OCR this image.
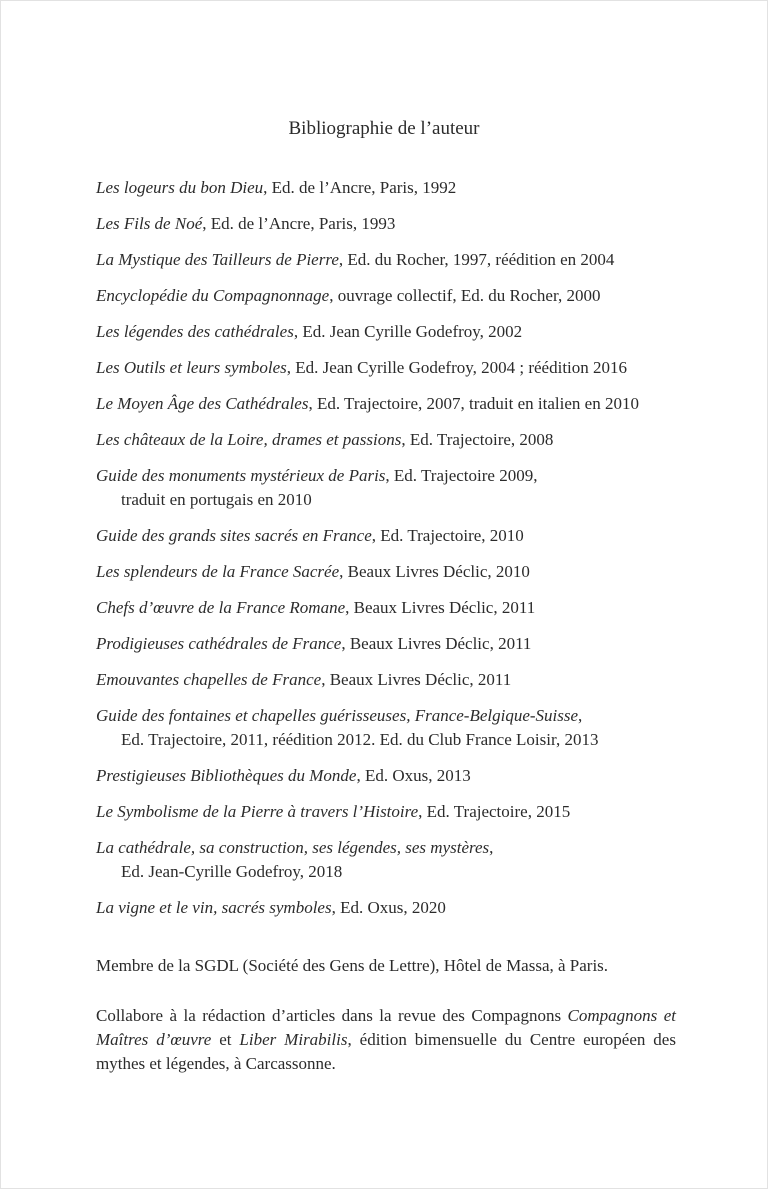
Bibliographie de l’auteur
Les logeurs du bon Dieu, Ed. de l’Ancre, Paris, 1992
Les Fils de Noé, Ed. de l’Ancre, Paris, 1993
La Mystique des Tailleurs de Pierre, Ed. du Rocher, 1997, réédition en 2004
Encyclopédie du Compagnonnage, ouvrage collectif, Ed. du Rocher, 2000
Les légendes des cathédrales, Ed. Jean Cyrille Godefroy, 2002
Les Outils et leurs symboles, Ed. Jean Cyrille Godefroy, 2004 ; réédition 2016
Le Moyen Âge des Cathédrales, Ed. Trajectoire, 2007, traduit en italien en 2010
Les châteaux de la Loire, drames et passions, Ed. Trajectoire, 2008
Guide des monuments mystérieux de Paris, Ed. Trajectoire 2009,
traduit en portugais en 2010
Guide des grands sites sacrés en France, Ed. Trajectoire, 2010
Les splendeurs de la France Sacrée, Beaux Livres Déclic, 2010
Chefs d’œuvre de la France Romane, Beaux Livres Déclic, 2011
Prodigieuses cathédrales de France, Beaux Livres Déclic, 2011
Emouvantes chapelles de France, Beaux Livres Déclic, 2011
Guide des fontaines et chapelles guérisseuses, France-Belgique-Suisse,
Ed. Trajectoire, 2011, réédition 2012. Ed. du Club France Loisir, 2013
Prestigieuses Bibliothèques du Monde, Ed. Oxus, 2013
Le Symbolisme de la Pierre à travers l’Histoire, Ed. Trajectoire, 2015
La cathédrale, sa construction, ses légendes, ses mystères,
Ed. Jean-Cyrille Godefroy, 2018
La vigne et le vin, sacrés symboles, Ed. Oxus, 2020

Membre de la SGDL (Société des Gens de Lettre), Hôtel de Massa, à Paris.

Collabore à la rédaction d’articles dans la revue des Compagnons Compagnons et Maîtres d’œuvre et Liber Mirabilis, édition bimensuelle du Centre européen des mythes et légendes, à Carcassonne.
